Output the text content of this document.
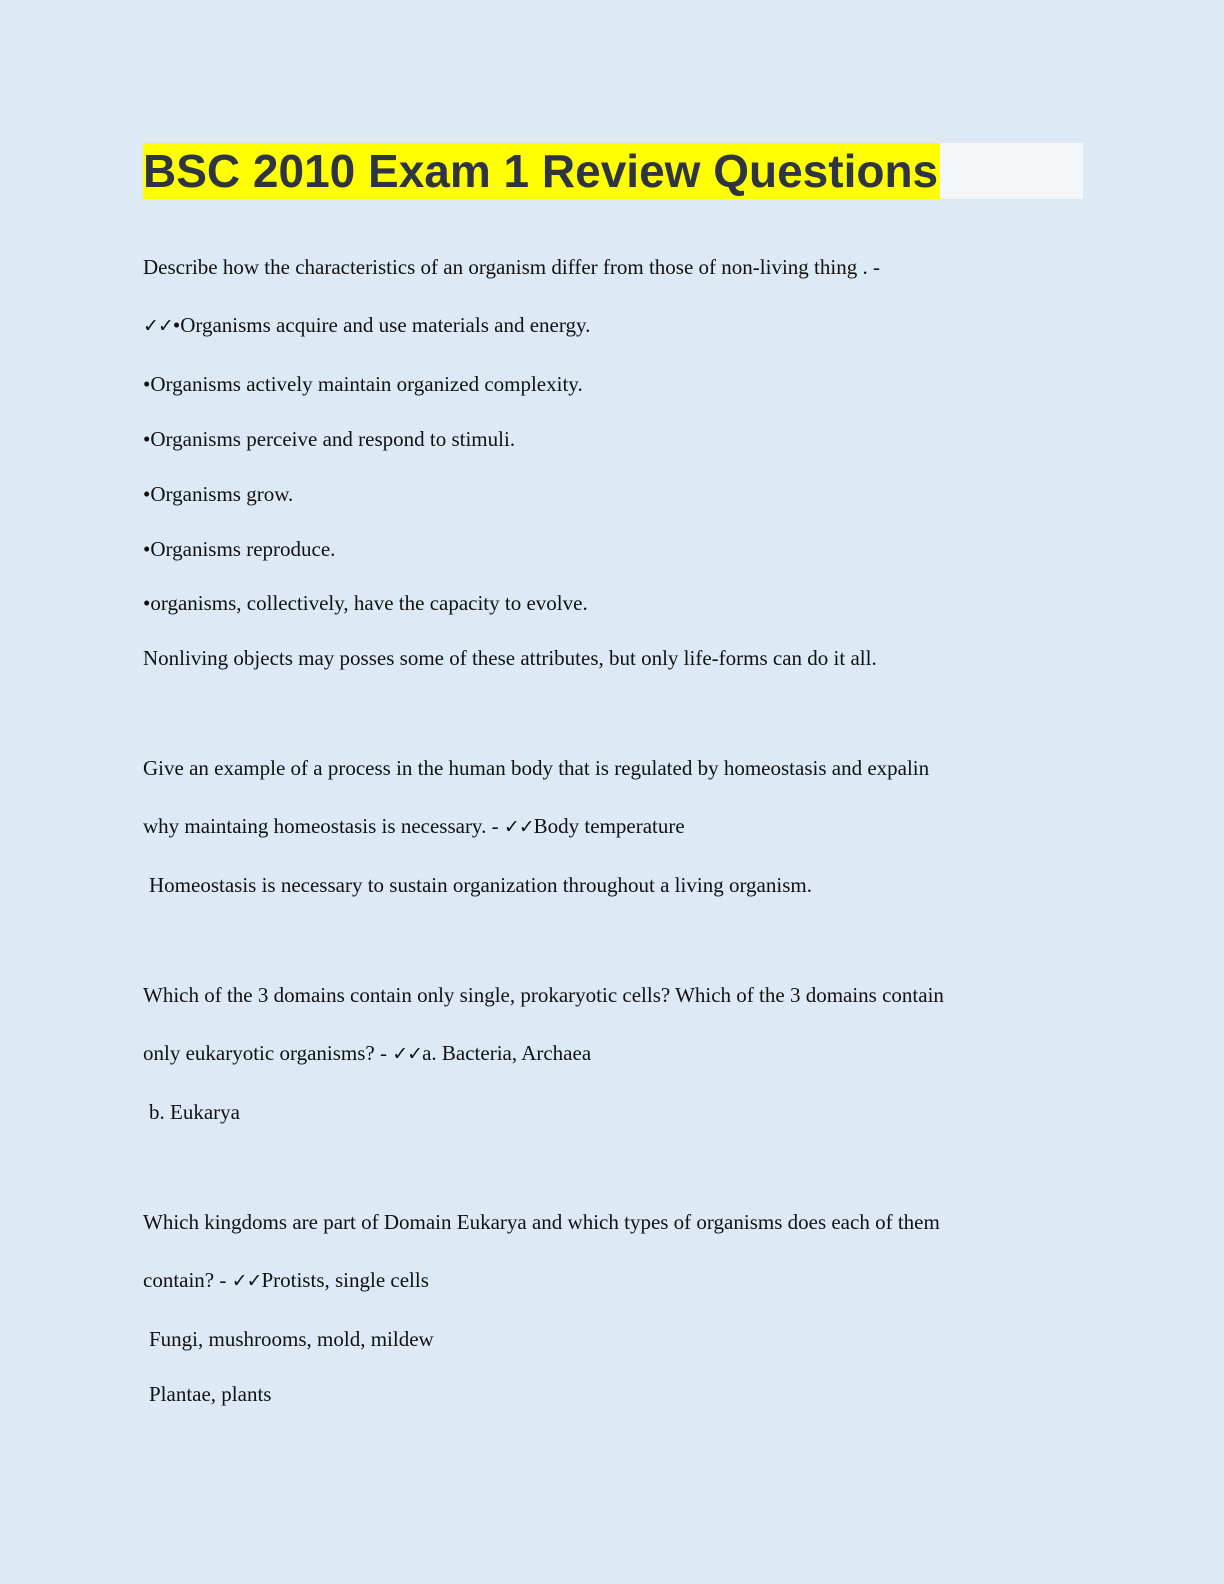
BSC 2010 Exam 1 Review Questions
Describe how the characteristics of an organism differ from those of non-living thing . -
✓✓•Organisms acquire and use materials and energy.
•Organisms actively maintain organized complexity.
•Organisms perceive and respond to stimuli.
•Organisms grow.
•Organisms reproduce.
•organisms, collectively, have the capacity to evolve.
Nonliving objects may posses some of these attributes, but only life-forms can do it all.
Give an example of a process in the human body that is regulated by homeostasis and expalin
why maintaing homeostasis is necessary. - ✓✓Body temperature
Homeostasis is necessary to sustain organization throughout a living organism.
Which of the 3 domains contain only single, prokaryotic cells? Which of the 3 domains contain
only eukaryotic organisms? - ✓✓a. Bacteria, Archaea
b. Eukarya
Which kingdoms are part of Domain Eukarya and which types of organisms does each of them
contain? - ✓✓Protists, single cells
Fungi, mushrooms, mold, mildew
Plantae, plants
